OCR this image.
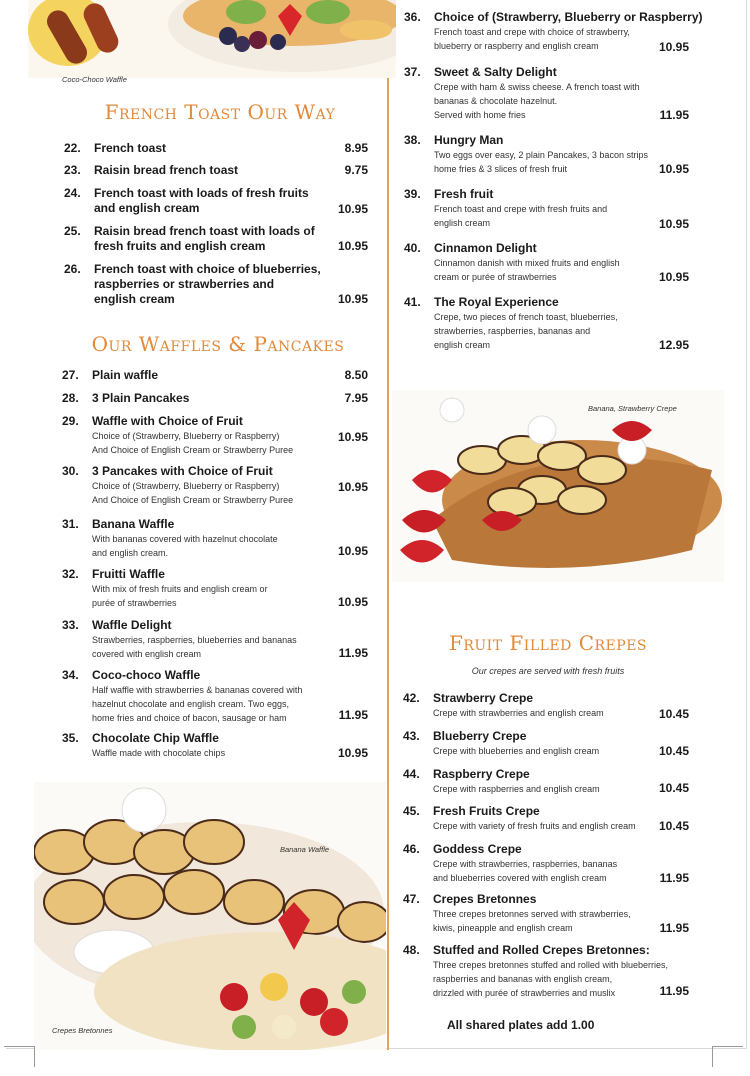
Coco-Choco Waffle
French Toast Our Way
Our Waffles & Pancakes
Fruit Filled Crepes
Our crepes are served with fresh fruits
22. French toast	8.95
23. Raisin bread french toast	9.75
24. French toast with loads of fresh fruits
and english cream	10.95
25. Raisin bread french toast with loads of
fresh fruits and english cream	10.95
26. French toast with choice of blueberries,
raspberries or strawberries and
english cream	10.95
27. Plain waffle	8.50
28. 3 Plain Pancakes	7.95
29. Waffle with Choice of Fruit
Choice of (Strawberry, Blueberry or Raspberry)
And Choice of English Cream or Strawberry Puree
10.95
30. 3 Pancakes with Choice of Fruit
Choice of (Strawberry, Blueberry or Raspberry)
And Choice of English Cream or Strawberry Puree
10.95
31. Banana Waffle
With bananas covered with hazelnut chocolate
and english cream.	10.95
32. Fruitti Waffle
With mix of fresh fruits and english cream or
purée of strawberries	10.95
33. Waffle Delight
Strawberries, raspberries, blueberries and bananas
covered with english cream	11.95
34. Coco-choco Waffle
Half waffle with strawberries & bananas covered with
hazelnut chocolate and english cream. Two eggs,
home fries and choice of bacon, sausage or ham	11.95
35. Chocolate Chip Waffle
Waffle made with chocolate chips	10.95
36. Choice of (Strawberry, Blueberry or Raspberry)
French toast and crepe with choice of strawberry,
blueberry or raspberry and english cream	10.95
37. Sweet & Salty Delight
Crepe with ham & swiss cheese. A french toast with
bananas & chocolate hazelnut.
Served with home fries	11.95
38. Hungry Man
Two eggs over easy, 2 plain Pancakes, 3 bacon strips
home fries & 3 slices of fresh fruit	10.95
39. Fresh fruit
French toast and crepe with fresh fruits and
english cream	10.95
40. Cinnamon Delight
Cinnamon danish with mixed fruits and english
cream or purée of strawberries	10.95
41. The Royal Experience
Crepe, two pieces of french toast, blueberries,
strawberries, raspberries, bananas and
english cream	12.95
42. Strawberry Crepe
Crepe with strawberries and english cream	10.45
43. Blueberry Crepe
Crepe with blueberries and english cream	10.45
44. Raspberry Crepe
Crepe with raspberries and english cream	10.45
45. Fresh Fruits Crepe
Crepe with variety of fresh fruits and english cream 10.45
46. Goddess Crepe
Crepe with strawberries, raspberries, bananas
and blueberries covered with english cream	11.95
47. Crepes Bretonnes
Three crepes bretonnes served with strawberries,
kiwis, pineapple and english cream	11.95
48. Stuffed and Rolled Crepes Bretonnes:
Three crepes bretonnes stuffed and rolled with blueberries,
raspberries and bananas with english cream,
drizzled with purée of strawberries and muslix	11.95
Banana, Strawberry Crepe
Banana Waffle
Crepes Bretonnes	All shared plates add 1.00
